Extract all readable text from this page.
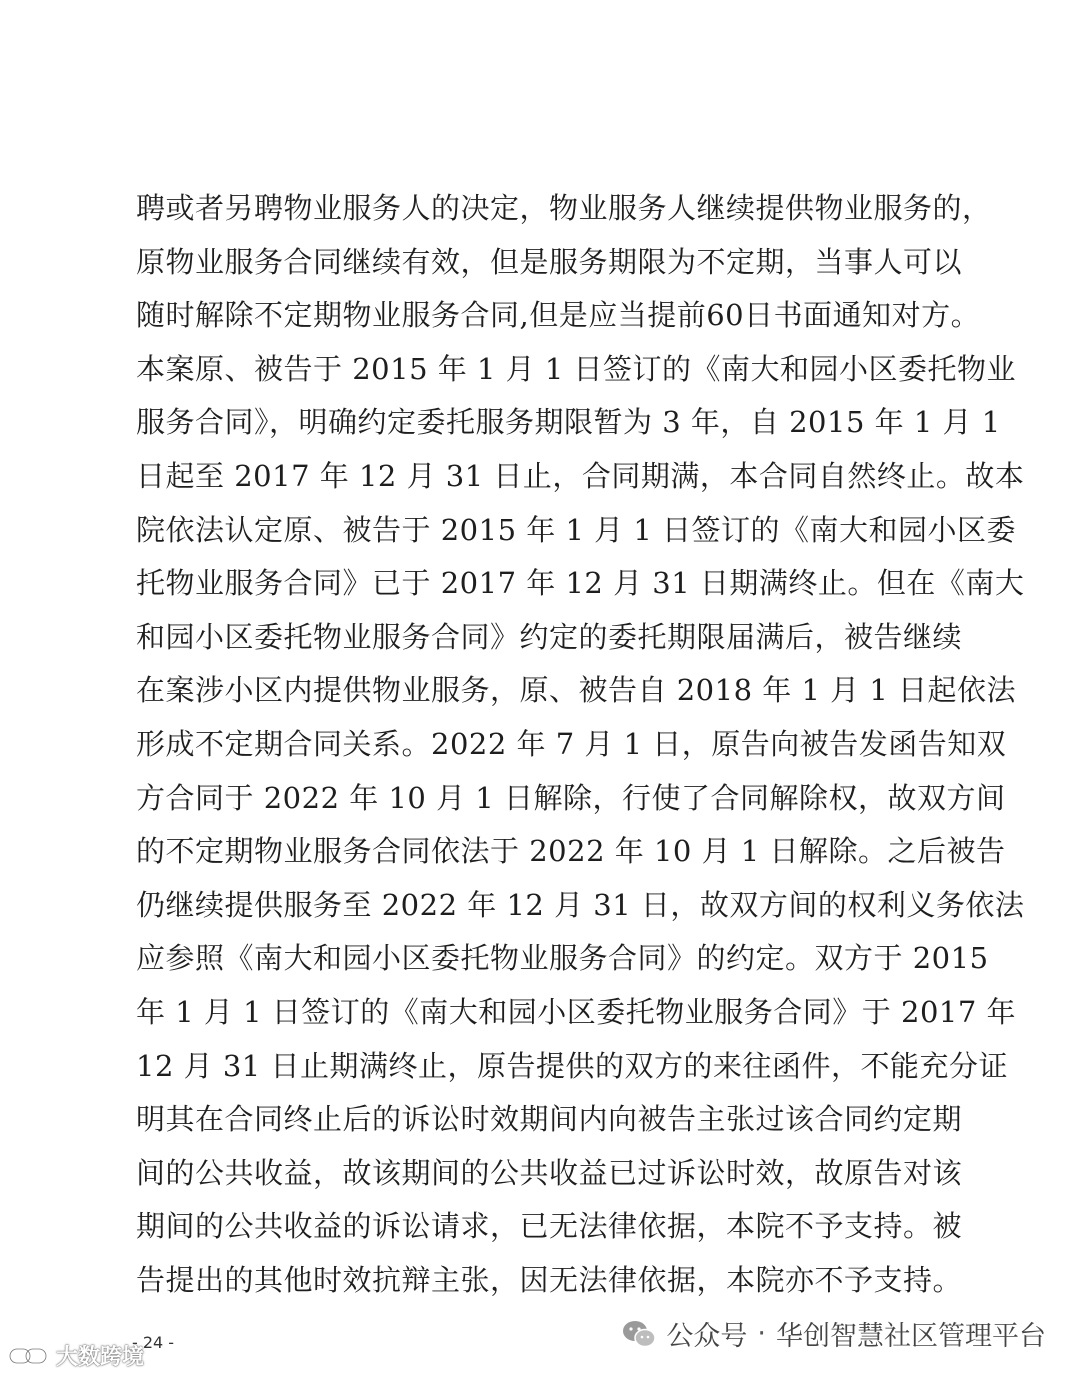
聘或者另聘物业服务人的决定，物业服务人继续提供物业服务的，
原物业服务合同继续有效，但是服务期限为不定期，当事人可以
随时解除不定期物业服务合同,但是应当提前60日书面通知对方。
本案原、被告于 2015 年 1 月 1 日签订的《南大和园小区委托物业
服务合同》，明确约定委托服务期限暂为 3 年，自 2015 年 1 月 1
日起至 2017 年 12 月 31 日止，合同期满，本合同自然终止。故本
院依法认定原、被告于 2015 年 1 月 1 日签订的《南大和园小区委
托物业服务合同》已于 2017 年 12 月 31 日期满终止。但在《南大
和园小区委托物业服务合同》约定的委托期限届满后，被告继续
在案涉小区内提供物业服务，原、被告自 2018 年 1 月 1 日起依法
形成不定期合同关系。2022 年 7 月 1 日，原告向被告发函告知双
方合同于 2022 年 10 月 1 日解除，行使了合同解除权，故双方间
的不定期物业服务合同依法于 2022 年 10 月 1 日解除。之后被告
仍继续提供服务至 2022 年 12 月 31 日，故双方间的权利义务依法
应参照《南大和园小区委托物业服务合同》的约定。双方于 2015
年 1 月 1 日签订的《南大和园小区委托物业服务合同》于 2017 年
12 月 31 日止期满终止，原告提供的双方的来往函件，不能充分证
明其在合同终止后的诉讼时效期间内向被告主张过该合同约定期
间的公共收益，故该期间的公共收益已过诉讼时效，故原告对该
期间的公共收益的诉讼请求，已无法律依据，本院不予支持。被
告提出的其他时效抗辩主张，因无法律依据，本院亦不予支持。
- 24 -
大数跨境
公众号 · 华创智慧社区管理平台
